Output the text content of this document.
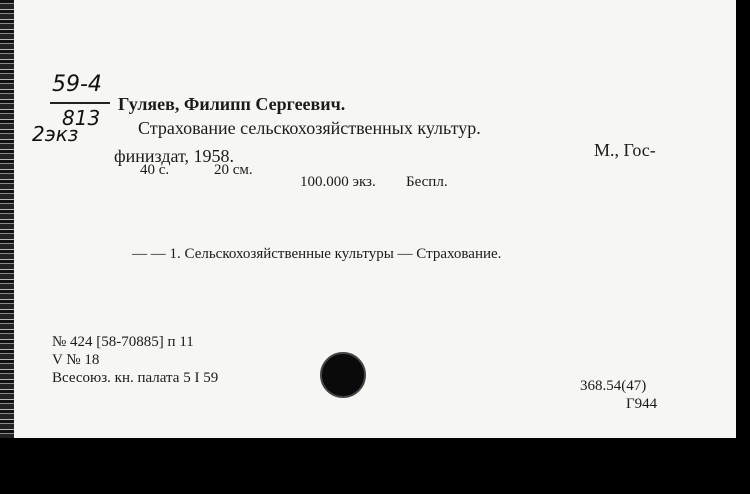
59-4
813
2экз
Гуляев, Филипп Сергеевич.
Страхование сельскохозяйственных культур.
М., Гос-
финиздат, 1958.
40 с.	20 см.
100.000 экз. Беспл.
— — 1. Сельскохозяйственные культуры — Страхование.
№ 424 [58-70885] п 11
V № 18
Всесоюз. кн. палата 5 I 59	368.54(47)
Г944
